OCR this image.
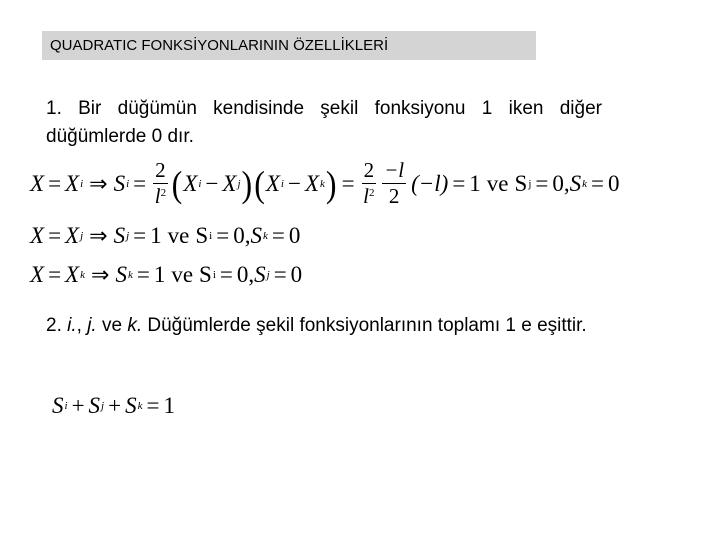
QUADRATIC FONKSİYONLARININ ÖZELLİKLERİ
1. Bir düğümün kendisinde şekil fonksiyonu 1 iken diğer düğümlerde 0 dır.
X = X i ⇒ S $i = \frac{2}{l^2}$ ( X i − X j ) ( X i − X k ) = $\frac{2}{l^2} \frac{-l}{2} (-l) = 1$ ve S j = 0, S k = 0
X = X j ⇒ S j = 1 ve S i = 0, S k = 0
X = X k ⇒ S k = 1 ve S i = 0, S j = 0
2. i., j. ve k. Düğümlerde şekil fonksiyonlarının toplamı 1 e eşittir.
S i + S j + S k = 1
